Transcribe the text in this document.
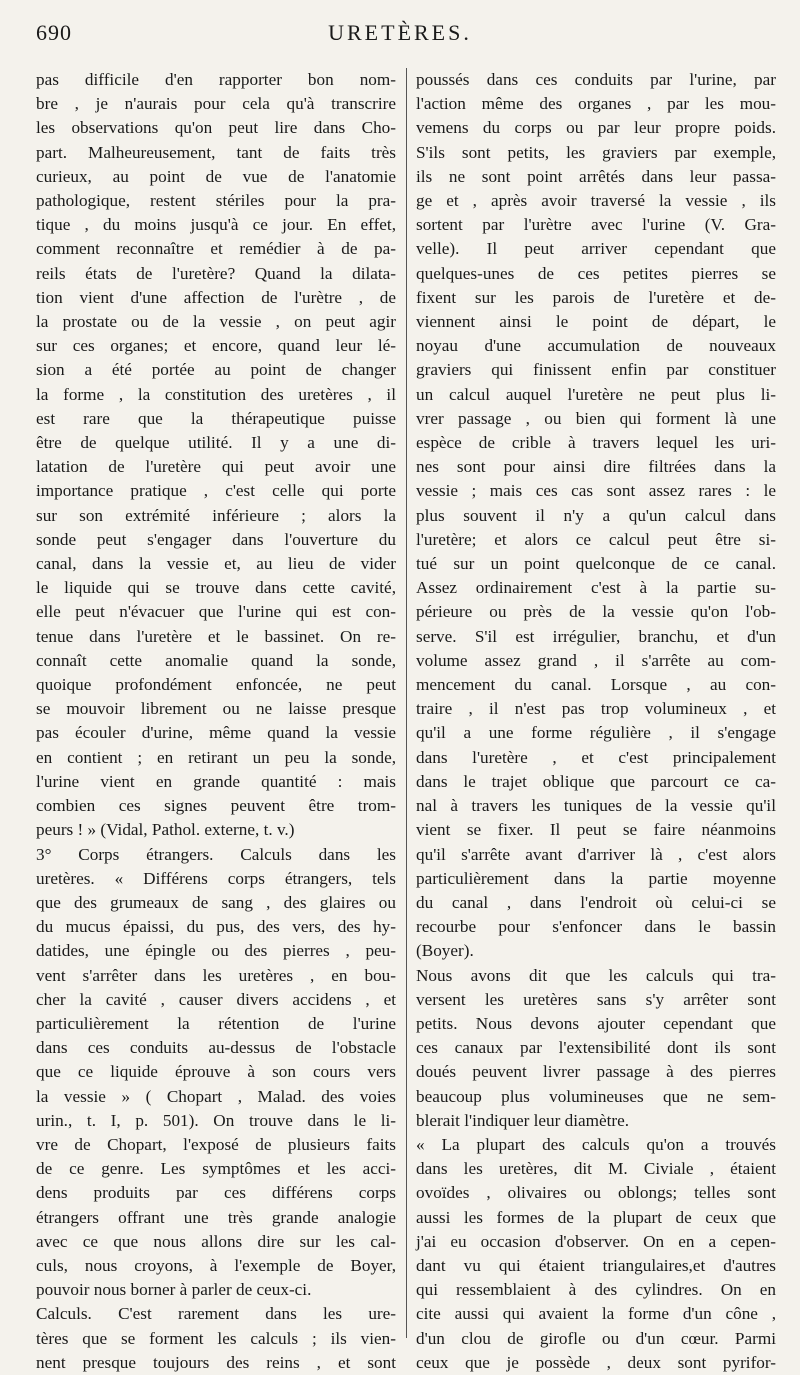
690	URETÈRES.
pas difficile d'en rapporter bon nom-
bre , je n'aurais pour cela qu'à transcrire
les observations qu'on peut lire dans Cho-
part. Malheureusement, tant de faits très
curieux, au point de vue de l'anatomie
pathologique, restent stériles pour la pra-
tique , du moins jusqu'à ce jour. En effet,
comment reconnaître et remédier à de pa-
reils états de l'uretère? Quand la dilata-
tion vient d'une affection de l'urètre , de
la prostate ou de la vessie , on peut agir
sur ces organes; et encore, quand leur lé-
sion a été portée au point de changer
la forme , la constitution des uretères , il
est rare que la thérapeutique puisse
être de quelque utilité. Il y a une di-
latation de l'uretère qui peut avoir une
importance pratique , c'est celle qui porte
sur son extrémité inférieure ; alors la
sonde peut s'engager dans l'ouverture du
canal, dans la vessie et, au lieu de vider
le liquide qui se trouve dans cette cavité,
elle peut n'évacuer que l'urine qui est con-
tenue dans l'uretère et le bassinet. On re-
connaît cette anomalie quand la sonde,
quoique profondément enfoncée, ne peut
se mouvoir librement ou ne laisse presque
pas écouler d'urine, même quand la vessie
en contient ; en retirant un peu la sonde,
l'urine vient en grande quantité : mais
combien ces signes peuvent être trom-
peurs ! » (Vidal, Pathol. externe, t. v.)
3° Corps étrangers. Calculs dans les
uretères. « Différens corps étrangers, tels
que des grumeaux de sang , des glaires ou
du mucus épaissi, du pus, des vers, des hy-
datides, une épingle ou des pierres , peu-
vent s'arrêter dans les uretères , en bou-
cher la cavité , causer divers accidens , et
particulièrement la rétention de l'urine
dans ces conduits au-dessus de l'obstacle
que ce liquide éprouve à son cours vers
la vessie » ( Chopart , Malad. des voies
urin., t. I, p. 501). On trouve dans le li-
vre de Chopart, l'exposé de plusieurs faits
de ce genre. Les symptômes et les acci-
dens produits par ces différens corps
étrangers offrant une très grande analogie
avec ce que nous allons dire sur les cal-
culs, nous croyons, à l'exemple de Boyer,
pouvoir nous borner à parler de ceux-ci.
Calculs. C'est rarement dans les ure-
tères que se forment les calculs ; ils vien-
nent presque toujours des reins , et sont
poussés dans ces conduits par l'urine, par
l'action même des organes , par les mou-
vemens du corps ou par leur propre poids.
S'ils sont petits, les graviers par exemple,
ils ne sont point arrêtés dans leur passa-
ge et , après avoir traversé la vessie , ils
sortent par l'urètre avec l'urine (V. Gra-
velle). Il peut arriver cependant que
quelques-unes de ces petites pierres se
fixent sur les parois de l'uretère et de-
viennent ainsi le point de départ, le
noyau d'une accumulation de nouveaux
graviers qui finissent enfin par constituer
un calcul auquel l'uretère ne peut plus li-
vrer passage , ou bien qui forment là une
espèce de crible à travers lequel les uri-
nes sont pour ainsi dire filtrées dans la
vessie ; mais ces cas sont assez rares : le
plus souvent il n'y a qu'un calcul dans
l'uretère; et alors ce calcul peut être si-
tué sur un point quelconque de ce canal.
Assez ordinairement c'est à la partie su-
périeure ou près de la vessie qu'on l'ob-
serve. S'il est irrégulier, branchu, et d'un
volume assez grand , il s'arrête au com-
mencement du canal. Lorsque , au con-
traire , il n'est pas trop volumineux , et
qu'il a une forme régulière , il s'engage
dans l'uretère , et c'est principalement
dans le trajet oblique que parcourt ce ca-
nal à travers les tuniques de la vessie qu'il
vient se fixer. Il peut se faire néanmoins
qu'il s'arrête avant d'arriver là , c'est alors
particulièrement dans la partie moyenne
du canal , dans l'endroit où celui-ci se
recourbe pour s'enfoncer dans le bassin
(Boyer).
Nous avons dit que les calculs qui tra-
versent les uretères sans s'y arrêter sont
petits. Nous devons ajouter cependant que
ces canaux par l'extensibilité dont ils sont
doués peuvent livrer passage à des pierres
beaucoup plus volumineuses que ne sem-
blerait l'indiquer leur diamètre.
« La plupart des calculs qu'on a trouvés
dans les uretères, dit M. Civiale , étaient
ovoïdes , olivaires ou oblongs; telles sont
aussi les formes de la plupart de ceux que
j'ai eu occasion d'observer. On en a cepen-
dant vu qui étaient triangulaires,et d'autres
qui ressemblaient à des cylindres. On en
cite aussi qui avaient la forme d'un cône ,
d'un clou de girofle ou d'un cœur. Parmi
ceux que je possède , deux sont pyrifor-
